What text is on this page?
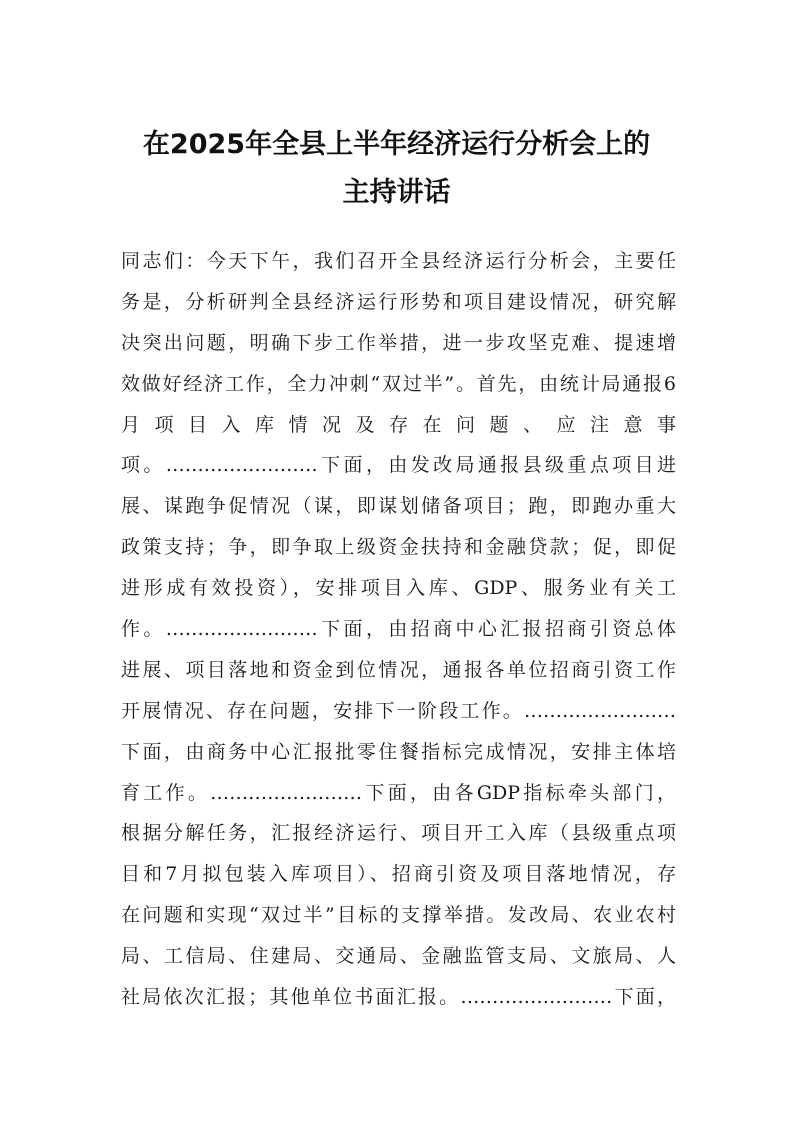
在2025年全县上半年经济运行分析会上的
主持讲话
同志们：今天下午，我们召开全县经济运行分析会，主要任
务是，分析研判全县经济运行形势和项目建设情况，研究解
决突出问题，明确下步工作举措，进一步攻坚克难、提速增
效做好经济工作，全力冲刺“双过半”。首先，由统计局通报6
月 项 目 入 库 情 况 及 存 在 问 题 、 应 注 意 事
项。……………………下面，由发改局通报县级重点项目进
展、谋跑争促情况（谋，即谋划储备项目；跑，即跑办重大
政策支持；争，即争取上级资金扶持和金融贷款；促，即促
进形成有效投资），安排项目入库、GDP、服务业有关工
作。……………………下面，由招商中心汇报招商引资总体
进展、项目落地和资金到位情况，通报各单位招商引资工作
开展情况、存在问题，安排下一阶段工作。……………………
下面，由商务中心汇报批零住餐指标完成情况，安排主体培
育工作。……………………下面，由各GDP指标牵头部门，
根据分解任务，汇报经济运行、项目开工入库（县级重点项
目和7月拟包装入库项目）、招商引资及项目落地情况，存
在问题和实现“双过半”目标的支撑举措。发改局、农业农村
局、工信局、住建局、交通局、金融监管支局、文旅局、人
社局依次汇报；其他单位书面汇报。……………………下面，
